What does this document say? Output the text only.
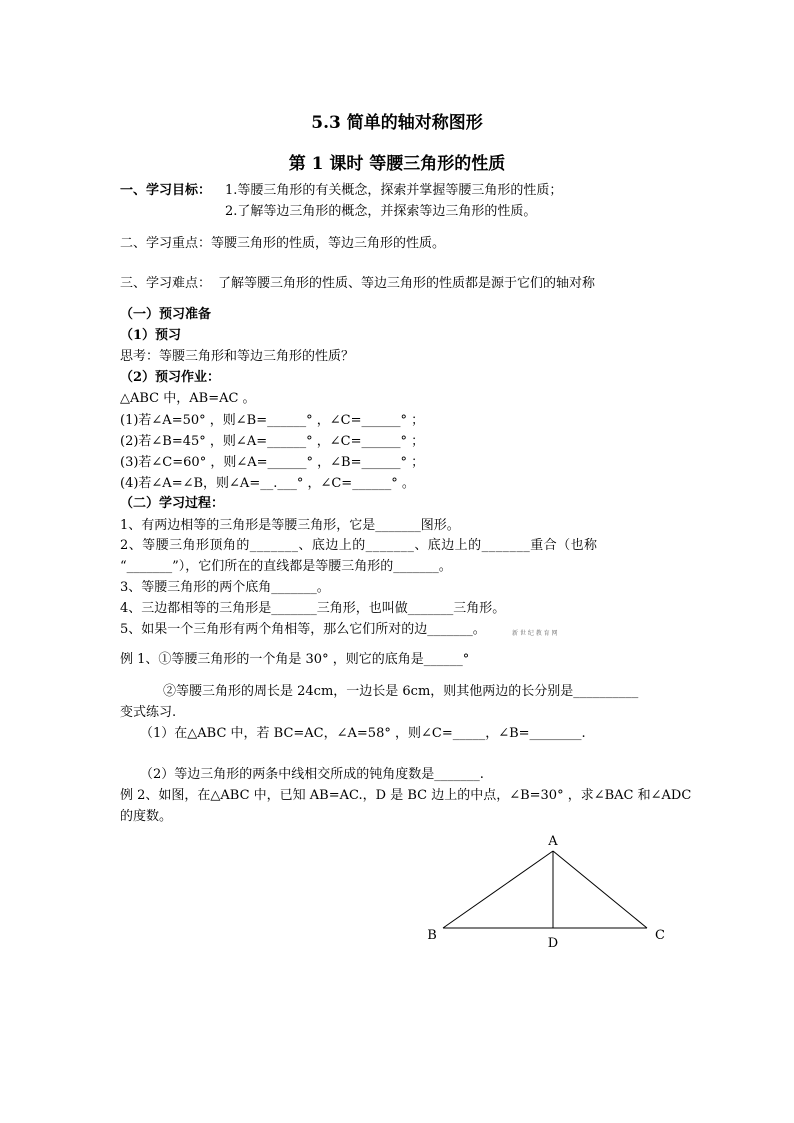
5.3 简单的轴对称图形
第 1 课时 等腰三角形的性质
一、学习目标： 1.等腰三角形的有关概念，探索并掌握等腰三角形的性质；
2.了解等边三角形的概念，并探索等边三角形的性质。
二、学习重点：等腰三角形的性质，等边三角形的性质。
三、学习难点： 了解等腰三角形的性质、等边三角形的性质都是源于它们的轴对称
（一）预习准备
（1）预习
思考：等腰三角形和等边三角形的性质？
（2）预习作业：
△ABC 中，AB=AC 。
(1)若∠A=50° ，则∠B=______° ，∠C=______° ；
(2)若∠B=45° ，则∠A=______° ，∠C=______° ；
(3)若∠C=60° ，则∠A=______° ，∠B=______° ；
(4)若∠A=∠B，则∠A=__.___° ，∠C=______° 。
（二）学习过程：
1、有两边相等的三角形是等腰三角形，它是_______图形。
2、等腰三角形顶角的_______、底边上的_______、底边上的_______重合（也称
“_______”），它们所在的直线都是等腰三角形的_______。
3、等腰三角形的两个底角_______。
4、三边都相等的三角形是_______三角形，也叫做_______三角形。
5、如果一个三角形有两个角相等，那么它们所对的边_______。	新 世 纪 教 育 网
例 1、①等腰三角形的一个角是 30° ，则它的底角是______°
②等腰三角形的周长是 24cm，一边长是 6cm，则其他两边的长分别是__________
变式练习.
（1）在△ABC 中，若 BC=AC，∠A=58° ，则∠C=_____，∠B=________.
（2）等边三角形的两条中线相交所成的钝角度数是_______.
例 2、如图，在△ABC 中，已知 AB=AC.，D 是 BC 边上的中点，∠B=30° ，求∠BAC 和∠ADC
的度数。
A
B	C
D
